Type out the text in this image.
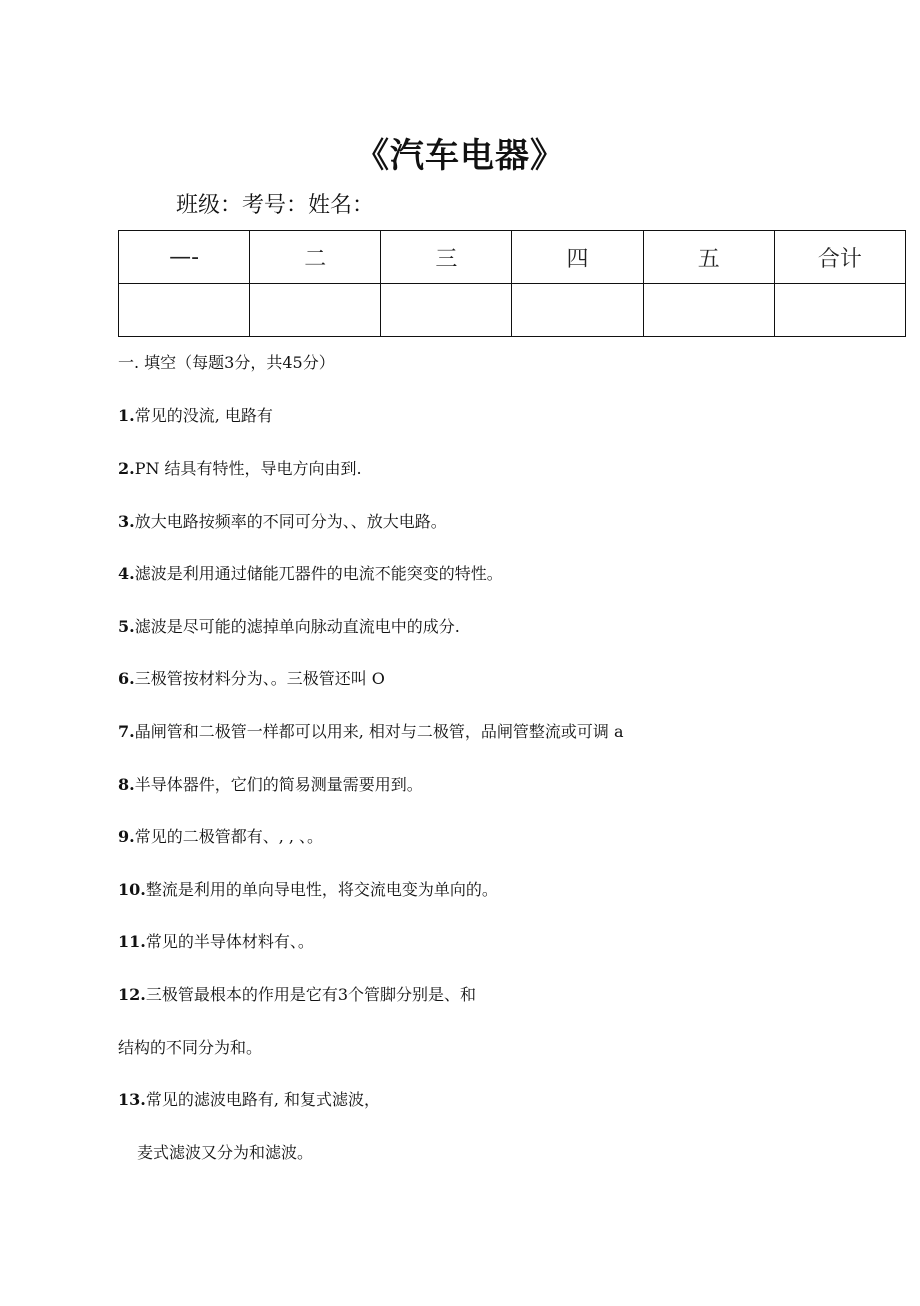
《汽车电器》
班级：考号：姓名：
—-	二	三	四	五	合计

一. 填空（每题3分，共45分）
1.常见的没流, 电路有
2.PN 结具有特性，导电方向由到.
3.放大电路按频率的不同可分为、、放大电路。
4.滤波是利用通过储能兀器件的电流不能突变的特性。
5.滤波是尽可能的滤掉单向脉动直流电中的成分.
6.三极管按材料分为、。三极管还叫 O
7.晶闸管和二极管一样都可以用来, 相对与二极管，品闸管整流或可调 a
8.半导体器件，它们的简易测量需要用到。
9.常见的二极管都有、, , 、。
10.整流是利用的单向导电性，将交流电变为单向的。
11.常见的半导体材料有、。
12.三极管最根本的作用是它有3个管脚分别是、和
结构的不同分为和。
13.常见的滤波电路有, 和复式滤波，
麦式滤波又分为和滤波。
